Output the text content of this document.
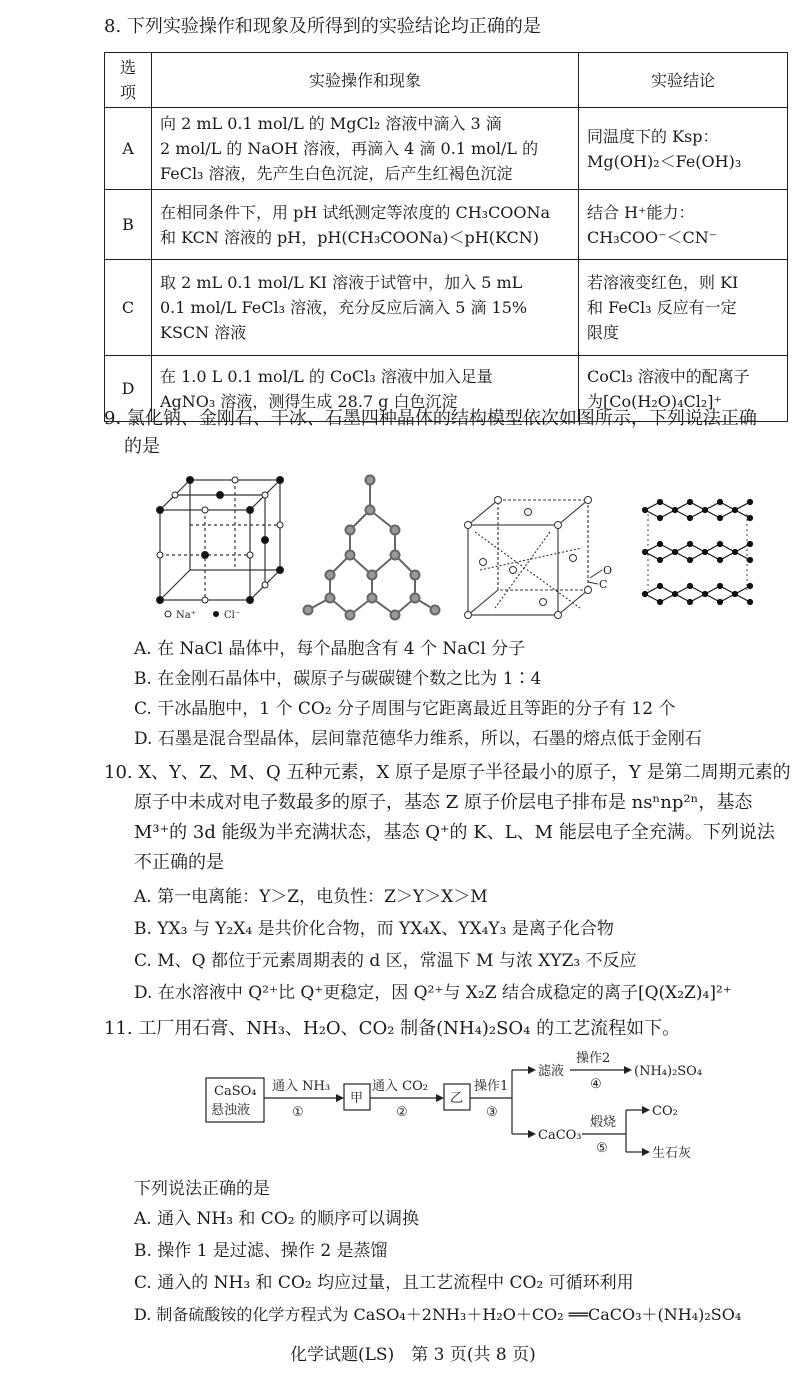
8. 下列实验操作和现象及所得到的实验结论均正确的是
选项	实验操作和现象	实验结论
A	向 2 mL 0.1 mol/L 的 MgCl₂ 溶液中滴入 3 滴
2 mol/L 的 NaOH 溶液，再滴入 4 滴 0.1 mol/L 的
FeCl₃ 溶液，先产生白色沉淀，后产生红褐色沉淀	同温度下的 Ksp：
Mg(OH)₂＜Fe(OH)₃
B	在相同条件下，用 pH 试纸测定等浓度的 CH₃COONa
和 KCN 溶液的 pH，pH(CH₃COONa)＜pH(KCN)	结合 H⁺能力：
CH₃COO⁻＜CN⁻
C	取 2 mL 0.1 mol/L KI 溶液于试管中，加入 5 mL
0.1 mol/L FeCl₃ 溶液，充分反应后滴入 5 滴 15%
KSCN 溶液	若溶液变红色，则 KI
和 FeCl₃ 反应有一定
限度
D	在 1.0 L 0.1 mol/L 的 CoCl₃ 溶液中加入足量
AgNO₃ 溶液，测得生成 28.7 g 白色沉淀	CoCl₃ 溶液中的配离子
为[Co(H₂O)₄Cl₂]⁺
9. 氯化钠、金刚石、干冰、石墨四种晶体的结构模型依次如图所示，下列说法正确
的是
Na⁺	Cl⁻
O
C
A. 在 NaCl 晶体中，每个晶胞含有 4 个 NaCl 分子
B. 在金刚石晶体中，碳原子与碳碳键个数之比为 1∶4
C. 干冰晶胞中，1 个 CO₂ 分子周围与它距离最近且等距的分子有 12 个
D. 石墨是混合型晶体，层间靠范德华力维系，所以，石墨的熔点低于金刚石
10. X、Y、Z、M、Q 五种元素，X 原子是原子半径最小的原子，Y 是第二周期元素的
原子中未成对电子数最多的原子，基态 Z 原子价层电子排布是 nsⁿnp²ⁿ，基态
M³⁺的 3d 能级为半充满状态，基态 Q⁺的 K、L、M 能层电子全充满。下列说法
不正确的是
A. 第一电离能：Y＞Z，电负性：Z＞Y＞X＞M
B. YX₃ 与 Y₂X₄ 是共价化合物，而 YX₄X、YX₄Y₃ 是离子化合物
C. M、Q 都位于元素周期表的 d 区，常温下 M 与浓 XYZ₃ 不反应
D. 在水溶液中 Q²⁺比 Q⁺更稳定，因 Q²⁺与 X₂Z 结合成稳定的离子[Q(X₂Z)₄]²⁺
11. 工厂用石膏、NH₃、H₂O、CO₂ 制备(NH₄)₂SO₄ 的工艺流程如下。
CaSO₄
悬浊液
通入 NH₃
①
甲
通入 CO₂
②
乙
操作1
③
滤液
操作2
④
(NH₄)₂SO₄
CaCO₃
煅烧
⑤
CO₂
生石灰
下列说法正确的是
A. 通入 NH₃ 和 CO₂ 的顺序可以调换
B. 操作 1 是过滤、操作 2 是蒸馏
C. 通入的 NH₃ 和 CO₂ 均应过量，且工艺流程中 CO₂ 可循环利用
D. 制备硫酸铵的化学方程式为 CaSO₄＋2NH₃＋H₂O＋CO₂ ══CaCO₃＋(NH₄)₂SO₄
化学试题(LS)　第 3 页(共 8 页)
